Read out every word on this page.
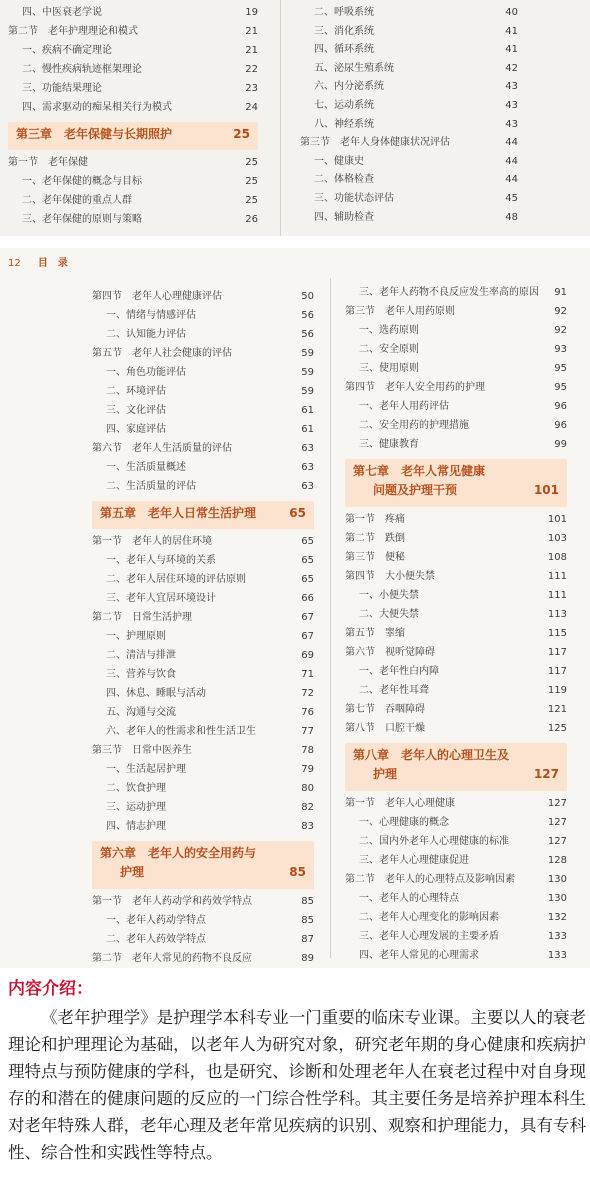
四、中医衰老学说	19
第二节　老年护理理论和模式	21
一、疾病不确定理论	21
二、慢性疾病轨迹框架理论	22
三、功能结果理论	23
四、需求驱动的痴呆相关行为模式	24
第三章　老年保健与长期照护	25
第一节　老年保健	25
一、老年保健的概念与目标	25
二、老年保健的重点人群	25
三、老年保健的原则与策略	26
二、呼吸系统	40
三、消化系统	41
四、循环系统	41
五、泌尿生殖系统	42
六、内分泌系统	43
七、运动系统	43
八、神经系统	43
第三节　老年人身体健康状况评估	44
一、健康史	44
二、体格检查	44
三、功能状态评估	45
四、辅助检查	48
12 目　录
第四节　老年人心理健康评估	50
一、情绪与情感评估	56
二、认知能力评估	56
第五节　老年人社会健康的评估	59
一、角色功能评估	59
二、环境评估	59
三、文化评估	61
四、家庭评估	61
第六节　老年人生活质量的评估	63
一、生活质量概述	63
二、生活质量的评估	63
第五章　老年人日常生活护理	65
第一节　老年人的居住环境	65
一、老年人与环境的关系	65
二、老年人居住环境的评估原则	65
三、老年人宜居环境设计	66
第二节　日常生活护理	67
一、护理原则	67
二、清洁与排泄	69
三、营养与饮食	71
四、休息、睡眠与活动	72
五、沟通与交流	76
六、老年人的性需求和性生活卫生	77
第三节　日常中医养生	78
一、生活起居护理	79
二、饮食护理	80
三、运动护理	82
四、情志护理	83
第六章　老年人的安全用药与
护理	85
第一节　老年人药动学和药效学特点	85
一、老年人药动学特点	85
二、老年人药效学特点	87
第二节　老年人常见的药物不良反应	89
三、老年人药物不良反应发生率高的原因 91
第三节　老年人用药原则	92
一、选药原则	92
二、安全原则	93
三、使用原则	95
第四节　老年人安全用药的护理	95
一、老年人用药评估	96
二、安全用药的护理措施	96
三、健康教育	99
第七章　老年人常见健康
问题及护理干预	101
第一节　疼痛	101
第二节　跌倒	103
第三节　便秘	108
第四节　大小便失禁	111
一、小便失禁	111
二、大便失禁	113
第五节　睾缩	115
第六节　视听觉障碍	117
一、老年性白内障	117
二、老年性耳聋	119
第七节　吞咽障碍	121
第八节　口腔干燥	125
第八章　老年人的心理卫生及
护理	127
第一节　老年人心理健康	127
一、心理健康的概念	127
二、国内外老年人心理健康的标准	127
三、老年人心理健康促进	128
第二节　老年人的心理特点及影响因素	130
一、老年人的心理特点	130
二、老年人心理变化的影响因素	132
三、老年人心理发展的主要矛盾	133
四、老年人常见的心理需求	133
内容介绍：
《老年护理学》是护理学本科专业一门重要的临床专业课。主要以人的衰老理论和护理理论为基础，以老年人为研究对象，研究老年期的身心健康和疾病护理特点与预防健康的学科，也是研究、诊断和处理老年人在衰老过程中对自身现存的和潜在的健康问题的反应的一门综合性学科。其主要任务是培养护理本科生对老年特殊人群，老年心理及老年常见疾病的识别、观察和护理能力，具有专科性、综合性和实践性等特点。
